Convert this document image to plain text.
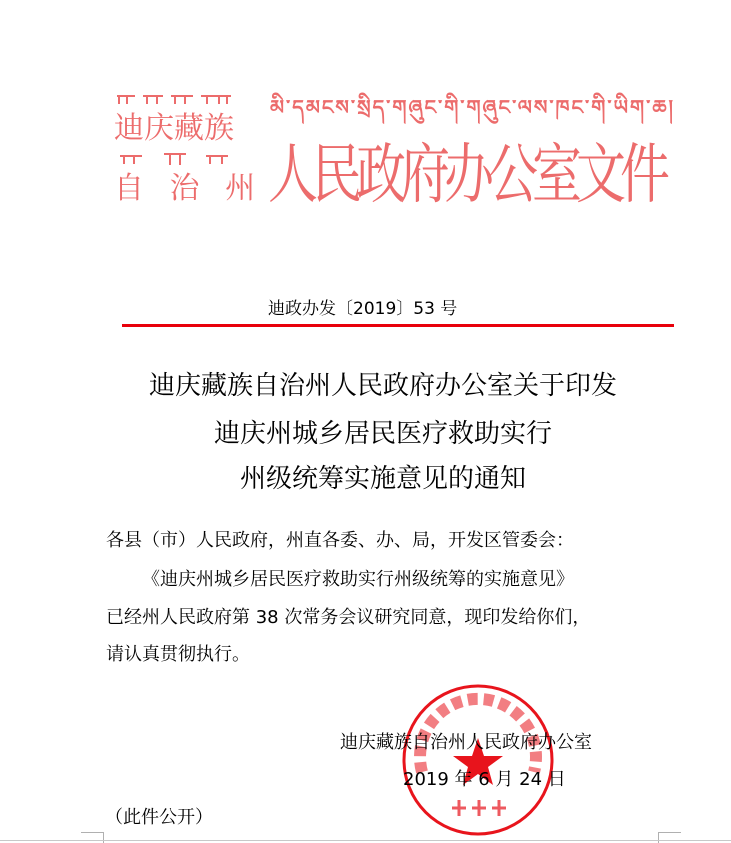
迪庆藏族
自 治 州
མི་དམངས་སྲིད་གཞུང་གི་གཞུང་ལས་ཁང་གི་ཡིག་ཆ།
人民政府办公室文件
迪政办发〔2019〕53 号
迪庆藏族自治州人民政府办公室关于印发
迪庆州城乡居民医疗救助实行
州级统筹实施意见的通知
各县（市）人民政府，州直各委、办、局，开发区管委会：
《迪庆州城乡居民医疗救助实行州级统筹的实施意见》
已经州人民政府第 38 次常务会议研究同意，现印发给你们，
请认真贯彻执行。
迪庆藏族自治州人民政府办公室
2019 年 6 月 24 日
（此件公开）
